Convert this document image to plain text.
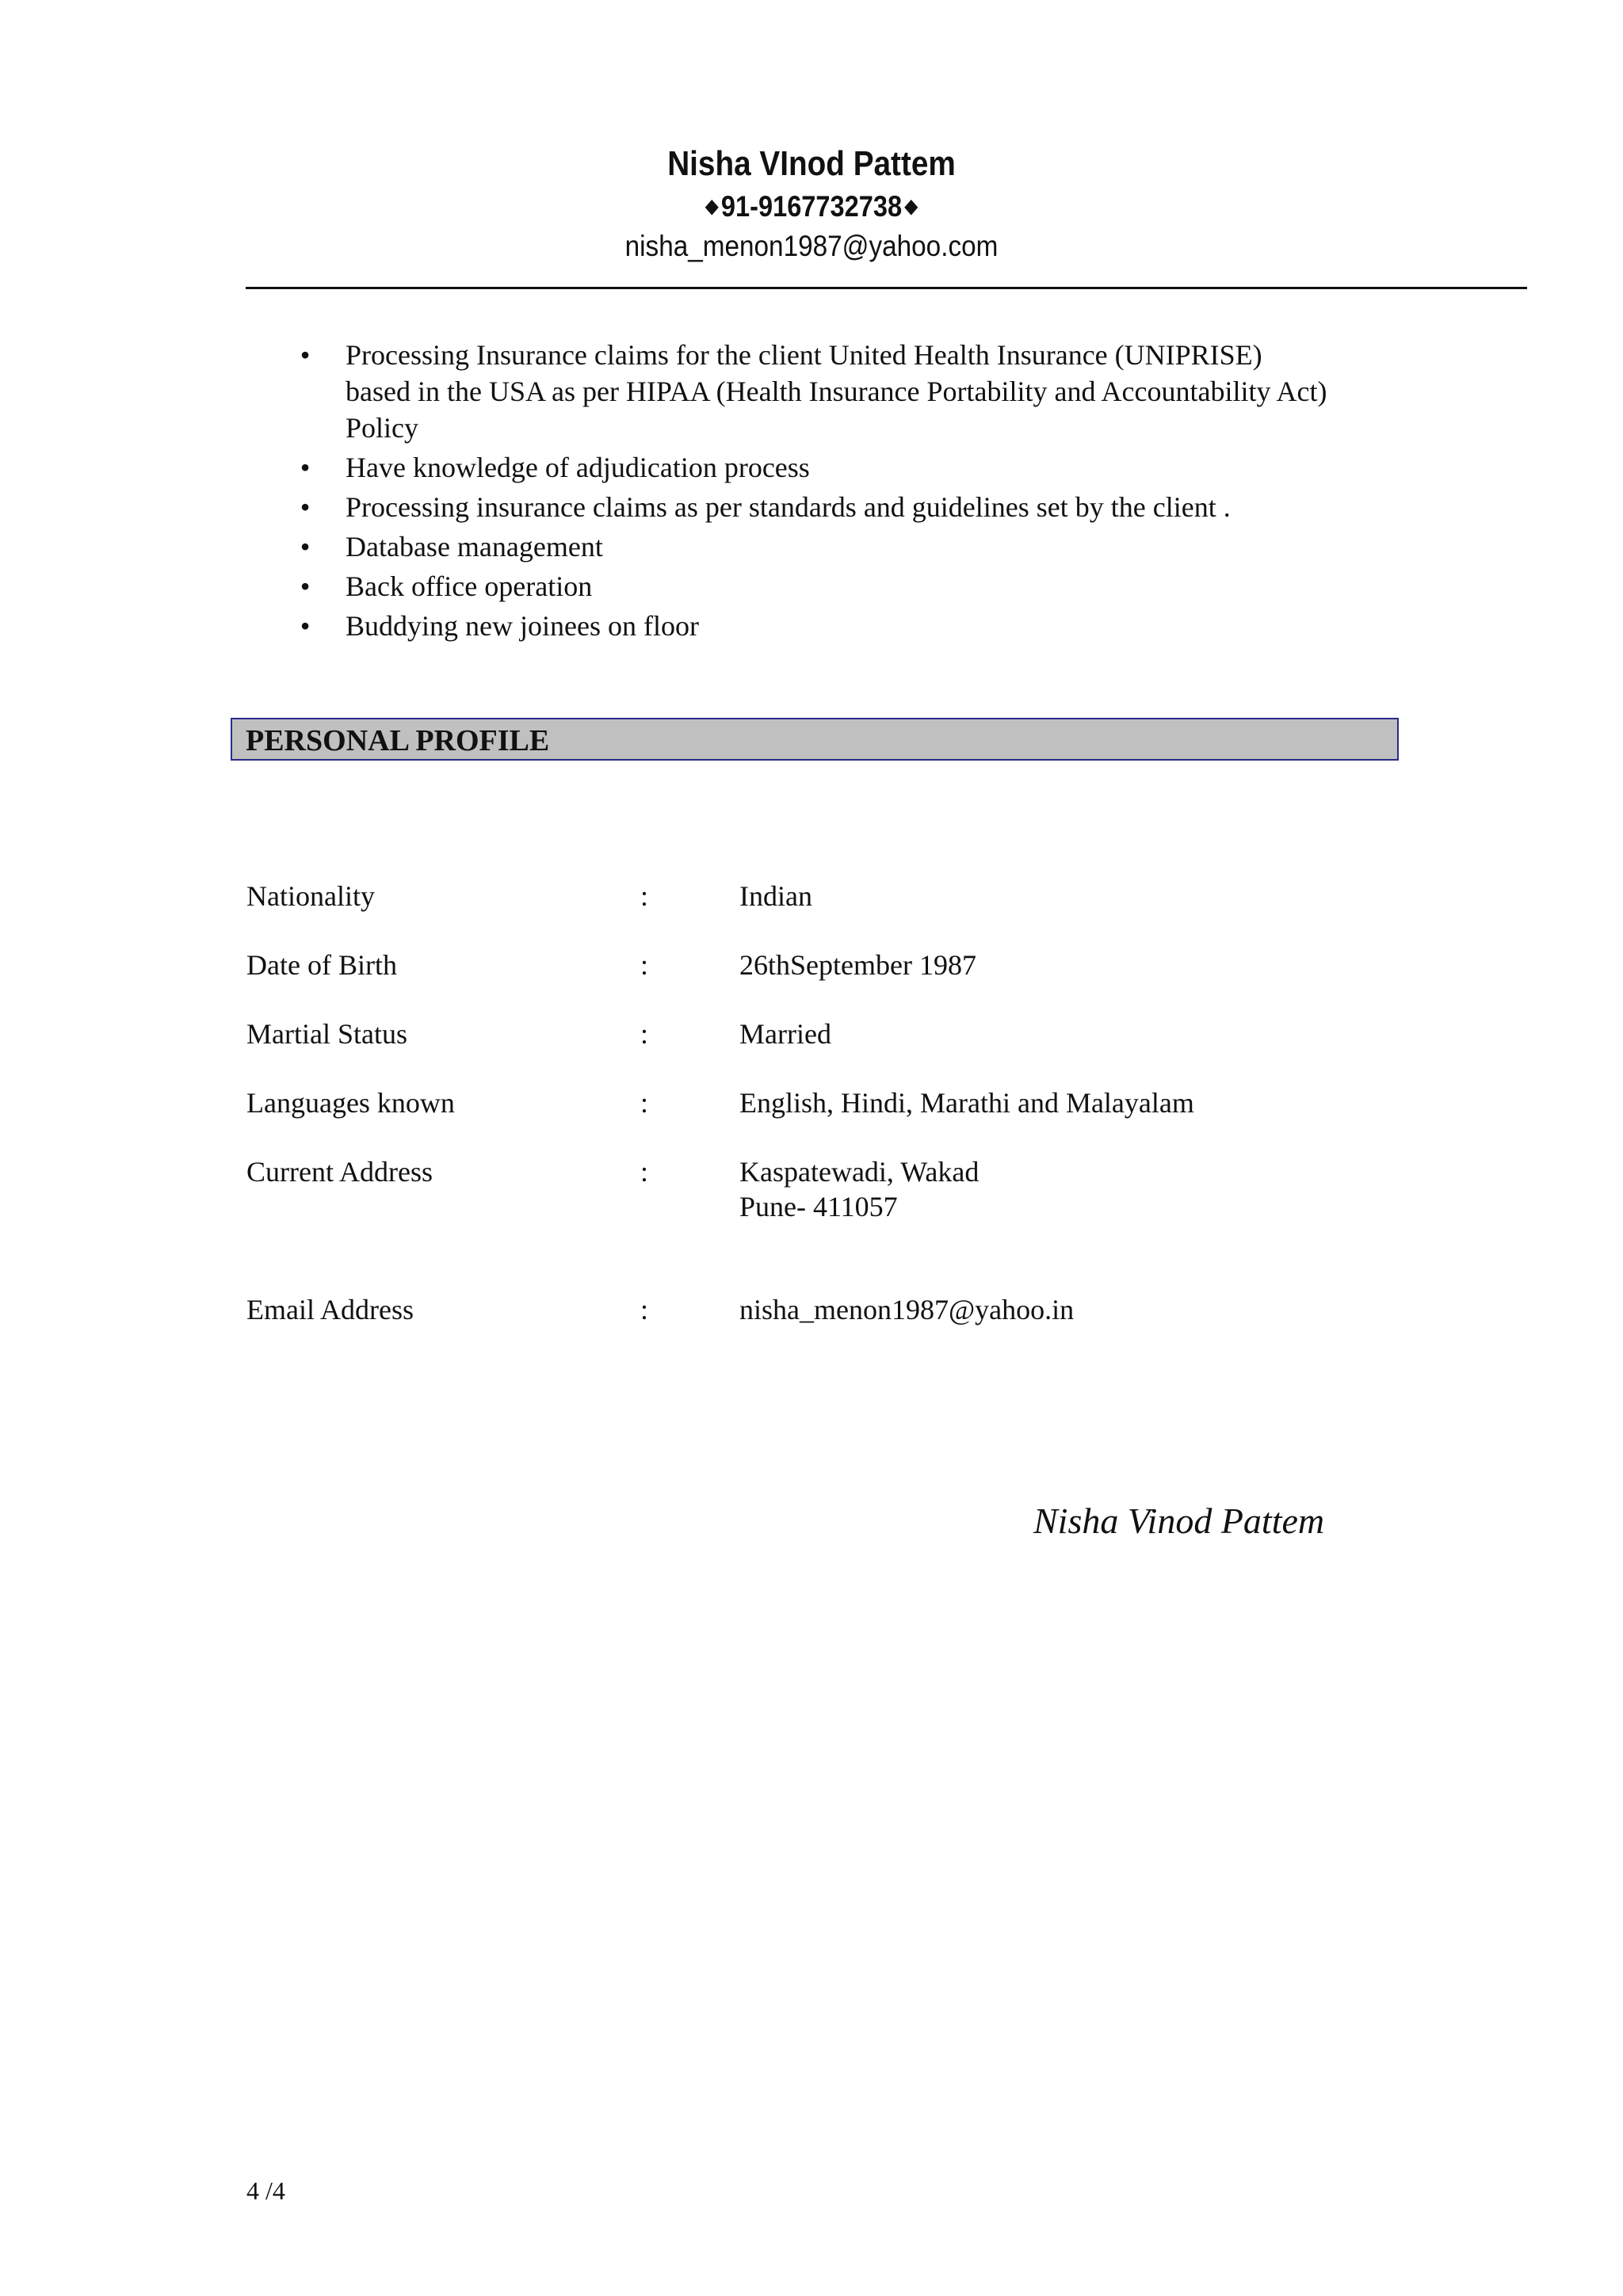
Nisha VInod Pattem
◆91-9167732738 ◆
nisha_menon1987@yahoo.com
• Processing Insurance claims for the client United Health Insurance (UNIPRISE) based in the USA as per HIPAA (Health Insurance Portability and Accountability Act) Policy
• Have knowledge of adjudication process
• Processing insurance claims as per standards and guidelines set by the client .
• Database management
• Back office operation
• Buddying new joinees on floor
PERSONAL PROFILE
Nationality	:	Indian
Date of Birth	:	26thSeptember 1987
Martial Status	:	Married
Languages known	:	English, Hindi, Marathi and Malayalam
Current Address	:	Kaspatewadi, Wakad
Pune- 411057
Email Address	:	nisha_menon1987@yahoo.in
Nisha Vinod Pattem
4 /4
